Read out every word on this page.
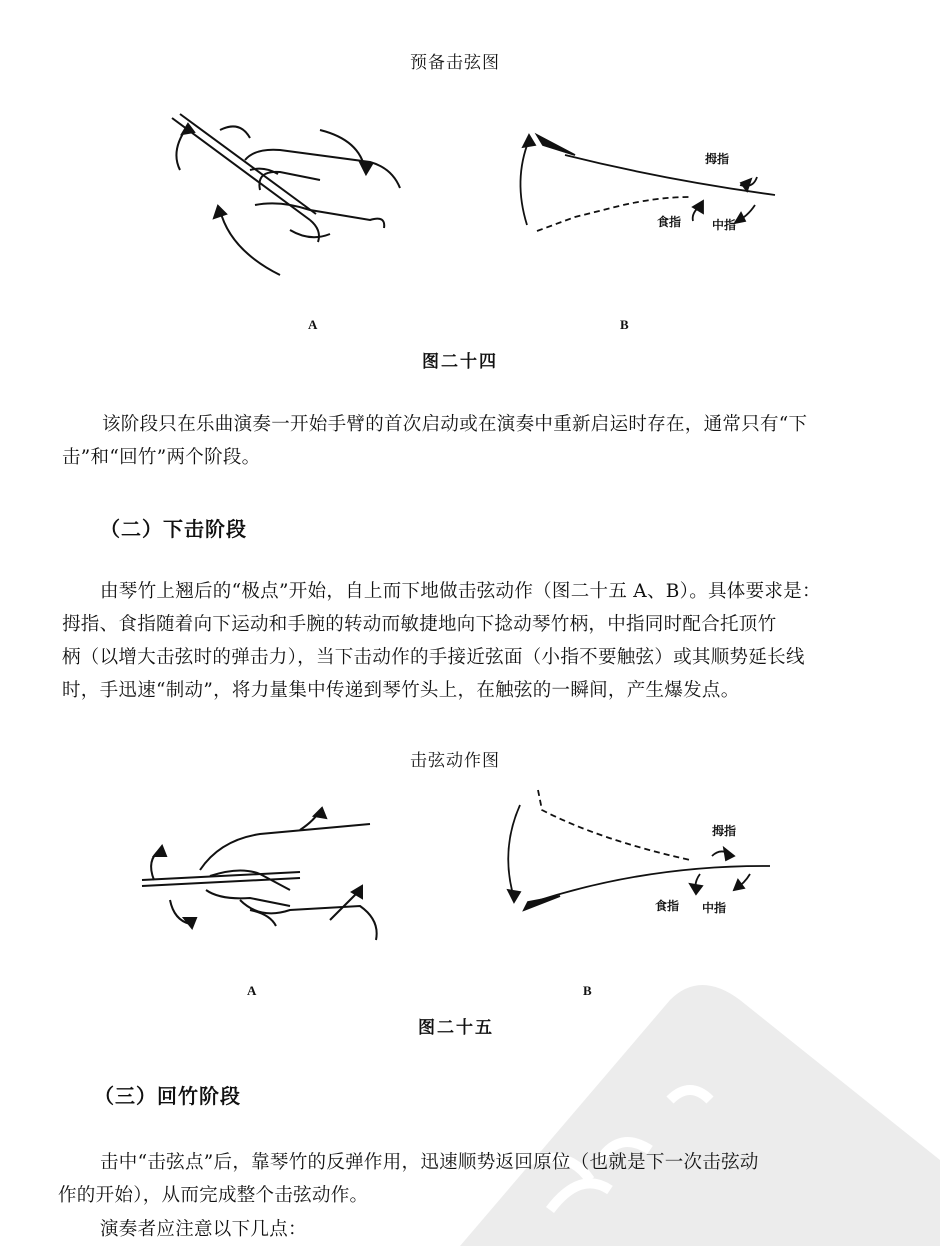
预备击弦图
拇指
食指	中指
A	B
图二十四

该阶段只在乐曲演奏一开始手臂的首次启动或在演奏中重新启运时存在，通常只有“下

击”和“回竹”两个阶段。

（二）下击阶段

由琴竹上翘后的“极点”开始，自上而下地做击弦动作（图二十五 A、B）。具体要求是：

拇指、食指随着向下运动和手腕的转动而敏捷地向下捻动琴竹柄，中指同时配合托顶竹

柄（以增大击弦时的弹击力），当下击动作的手接近弦面（小指不要触弦）或其顺势延长线

时，手迅速“制动”，将力量集中传递到琴竹头上，在触弦的一瞬间，产生爆发点。

击弦动作图
拇指
食指 中指
A	B
图二十五
（三）回竹阶段

击中“击弦点”后，靠琴竹的反弹作用，迅速顺势返回原位（也就是下一次击弦动

作的开始），从而完成整个击弦动作。

演奏者应注意以下几点：
